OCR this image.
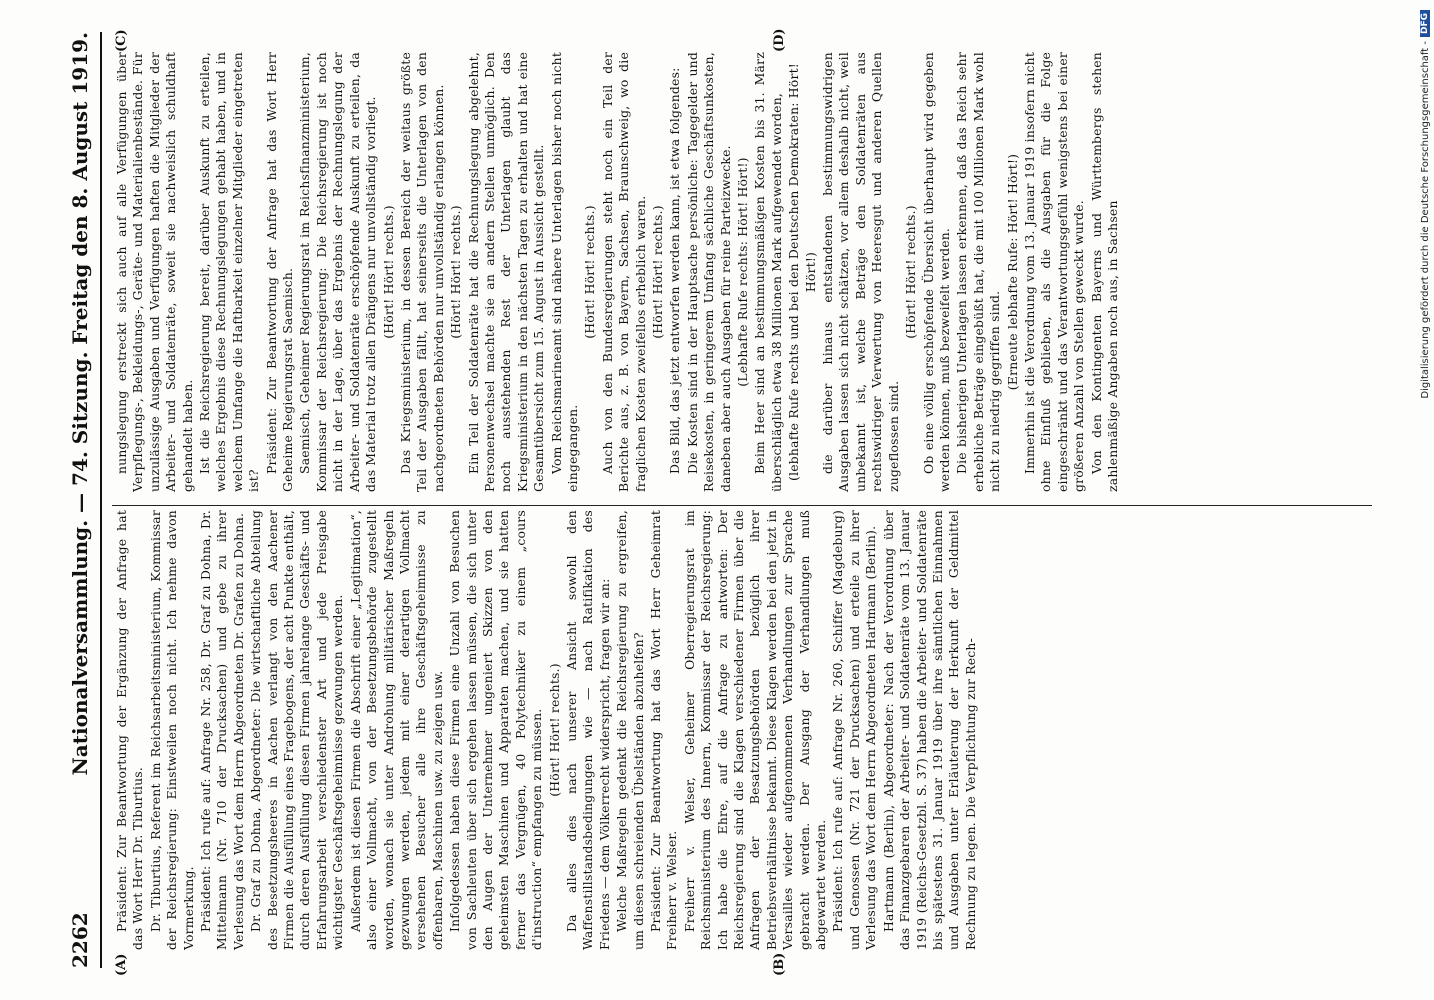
2262
Nationalversammlung. — 74. Sitzung. Freitag den 8. August 1919.
(A)	(B)
(C)	(D)

Präsident: Zur Beantwortung der Ergänzung der Anfrage hat das Wort Herr Dr. Tiburtius. Dr. Tiburtius, Referent im Reichsarbeitsministerium, Kommissar der Reichsregierung: Einstweilen noch nicht. Ich nehme davon Vormerkung. Präsident: Ich rufe auf: Anfrage Nr. 258, Dr. Graf zu Dohna, Dr. Mittelmann (Nr. 710 der Drucksachen) und gebe zu ihrer Verlesung das Wort dem Herrn Abgeordneten Dr. Grafen zu Dohna. Dr. Graf zu Dohna, Abgeordneter: Die wirtschaftliche Abteilung des Besetzungsheeres in Aachen verlangt von den Aachener Firmen die Ausfüllung eines Fragebogens, der acht Punkte enthält, durch deren Ausfüllung diesen Firmen jahrelange Geschäfts- und Erfahrungsarbeit verschiedenster Art und jede Preisgabe wichtigster Geschäftsgeheimnisse gezwungen werden. Außerdem ist diesen Firmen die Abschrift einer „Legitimation“, also einer Vollmacht, von der Besetzungsbehörde zugestellt worden, wonach sie unter Androhung militärischer Maßregeln gezwungen werden, jedem mit einer derartigen Vollmacht versehenen Besucher alle ihre Geschäftsgeheimnisse zu offenbaren, Maschinen usw. zu zeigen usw. Infolgedessen haben diese Firmen eine Unzahl von Besuchen von Sachleuten über sich ergehen lassen müssen, die sich unter den Augen der Unternehmer ungeniert Skizzen von den geheimsten Maschinen und Apparaten machen, und sie hatten ferner das Vergnügen, 40 Polytechniker zu einem „cours d'instruction“ empfangen zu müssen. (Hört! Hört! rechts.) Da alles dies nach unserer Ansicht sowohl den Waffenstillstandsbedingungen wie — nach Ratifikation des Friedens — dem Völkerrecht widerspricht, fragen wir an: Welche Maßregeln gedenkt die Reichsregierung zu ergreifen, um diesen schreienden Übelständen abzuhelfen? Präsident: Zur Beantwortung hat das Wort Herr Geheimrat Freiherr v. Welser. Freiherr v. Welser, Geheimer Oberregierungsrat im Reichsministerium des Innern, Kommissar der Reichsregierung: Ich habe die Ehre, auf die Anfrage zu antworten: Der Reichsregierung sind die Klagen verschiedener Firmen über die Anfragen der Besatzungsbehörden bezüglich ihrer Betriebsverhältnisse bekannt. Diese Klagen werden bei den jetzt in Versailles wieder aufgenommenen Verhandlungen zur Sprache gebracht werden. Der Ausgang der Verhandlungen muß abgewartet werden. Präsident: Ich rufe auf: Anfrage Nr. 260, Schiffer (Magdeburg) und Genossen (Nr. 721 der Drucksachen) und erteile zu ihrer Verlesung das Wort dem Herrn Abgeordneten Hartmann (Berlin). Hartmann (Berlin), Abgeordneter: Nach der Verordnung über das Finanzgebaren der Arbeiter- und Soldatenräte vom 13. Januar 1919 (Reichs-Gesetzbl. S. 37) haben die Arbeiter- und Soldatenräte bis spätestens 31. Januar 1919 über ihre sämtlichen Einnahmen und Ausgaben unter Erläuterung der Herkunft der Geldmittel Rechnung zu legen. Die Verpflichtung zur Rech-

nungslegung erstreckt sich auch auf alle Verfügungen über Verpflegungs-, Bekleidungs-, Geräte- und Materialienbestände. Für unzulässige Ausgaben und Verfügungen haften die Mitglieder der Arbeiter- und Soldatenräte, soweit sie nachweislich schuldhaft gehandelt haben. Ist die Reichsregierung bereit, darüber Auskunft zu erteilen, welches Ergebnis diese Rechnungslegungen gehabt haben, und in welchem Umfange die Haftbarkeit einzelner Mitglieder eingetreten ist?

Präsident: Zur Beantwortung der Anfrage hat das Wort Herr Geheime Regierungsrat Saemisch. Saemisch, Geheimer Regierungsrat im Reichsfinanzministerium, Kommissar der Reichsregierung: Die Reichsregierung ist noch nicht in der Lage, über das Ergebnis der Rechnungslegung der Arbeiter- und Soldatenräte erschöpfende Auskunft zu erteilen, da das Material trotz allen Drängens nur unvollständig vorliegt. (Hört! Hört! rechts.) Das Kriegsministerium, in dessen Bereich der weitaus größte Teil der Ausgaben fällt, hat seinerseits die Unterlagen von den nachgeordneten Behörden nur unvollständig erlangen können. (Hört! Hört! rechts.) Ein Teil der Soldatenräte hat die Rechnungslegung abgelehnt, Personenwechsel machte sie an andern Stellen unmöglich. Den noch ausstehenden Rest der Unterlagen glaubt das Kriegsministerium in den nächsten Tagen zu erhalten und hat eine Gesamtübersicht zum 15. August in Aussicht gestellt. Vom Reichsmarineamt sind nähere Unterlagen bisher noch nicht eingegangen.

(Hört! Hört! rechts.) Auch von den Bundesregierungen steht noch ein Teil der Berichte aus, z. B. von Bayern, Sachsen, Braunschweig, wo die fraglichen Kosten zweifellos erheblich waren. (Hört! Hört! rechts.) Das Bild, das jetzt entworfen werden kann, ist etwa folgendes: Die Kosten sind in der Hauptsache persönliche: Tagegelder und Reisekosten, in geringerem Umfang sächliche Geschäftsunkosten, daneben aber auch Ausgaben für reine Parteizwecke. (Lebhafte Rufe rechts: Hört! Hört!) Beim Heer sind an bestimmungsmäßigen Kosten bis 31. März überschläglich etwa 38 Millionen Mark aufgewendet worden, (lebhafte Rufe rechts und bei den Deutschen Demokraten: Hört! Hört!) die darüber hinaus entstandenen bestimmungswidrigen Ausgaben lassen sich nicht schätzen, vor allem deshalb nicht, weil unbekannt ist, welche Beträge den Soldatenräten aus rechtswidriger Verwertung von Heeresgut und anderen Quellen zugeflossen sind.

(Hört! Hört! rechts.) Ob eine völlig erschöpfende Übersicht überhaupt wird gegeben werden können, muß bezweifelt werden. Die bisherigen Unterlagen lassen erkennen, daß das Reich sehr erhebliche Beträge eingebüßt hat, die mit 100 Millionen Mark wohl nicht zu niedrig gegriffen sind.

(Erneute lebhafte Rufe: Hört! Hört!) Immerhin ist die Verordnung vom 13. Januar 1919 insofern nicht ohne Einfluß geblieben, als die Ausgaben für die Folge eingeschränkt und das Verantwortungsgefühl wenigstens bei einer größeren Anzahl von Stellen geweckt wurde. Von den Kontingenten Bayerns und Württembergs stehen zahlenmäßige Angaben noch aus, in Sachsen	Digitalisierung gefördert durch die Deutsche Forschungsgemeinschaft -
DFG
